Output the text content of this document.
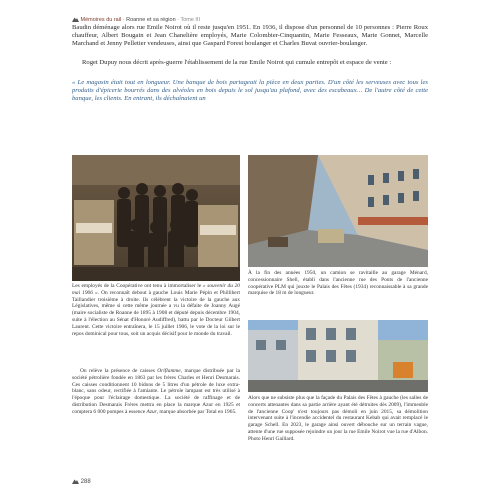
Mémoires du rail · Roanne et sa région · Tome III
Baudin déménage alors rue Emile Noirot où il reste jusqu'en 1951. En 1936, il dispose d'un personnel de 10 personnes : Pierre Roux chauffeur, Albert Bougain et Jean Chanelière employés, Marie Colombier-Cinquantin, Marie Fesseaux, Marie Gonnet, Marcelle Marchand et Jenny Pelletier vendeuses, ainsi que Gaspard Forest boulanger et Charles Buvat ouvrier-boulanger.
Roget Dupuy nous décrit après-guerre l'établissement de la rue Emile Noirot qui cumule entrepôt et espace de vente :
« Le magasin était tout en longueur. Une banque de bois partageait la pièce en deux parties. D'un côté les serveuses avec tous les produits d'épicerie bourrés dans des alvéoles en bois depuis le sol jusqu'au plafond, avec des escabeaux… De l'autre côté de cette banque, les clients. En entrant, ils déchaînaient un
Les employés de la Coopérative ont tenu à immortaliser le « souvenir du 20 mai 1906 ». On reconnaît debout à gauche Louis Marie Pépin et Phillibert Taillandier troisième à droite. Ils célèbrent la victoire de la gauche aux Législatives, même si cette même journée a vu la défaite de Joanny Augé (maire socialiste de Roanne de 1895 à 1908 et député depuis décembre 1904, suite à l'élection au Sénat d'Honoré Audiffred), battu par le Docteur Gilbert Laurent. Cette victoire entraînera, le 15 juillet 1906, le vote de la loi sur le repos dominical pour tous, soit un acquis décisif pour le monde du travail.
On relève la présence de caisses Oriflamme, marque distribuée par la société pétrolière fondée en 1863 par les frères Charles et Henri Desmarais. Ces caisses conditionnent 10 bidons de 5 litres d'un pétrole de luxe extra-blanc, sans odeur, rectifiée à l'amiante. Le pétrole lampant est très utilisé à l'époque pour l'éclairage domestique. La société de raffinage et de distribution Desmarais Frères mettra en place la marque Azur en 1925 et comptera 6 000 pompes à essence Azur, marque absorbée par Total en 1965.
À la fin des années 1950, un camion se ravitaille au garage Ménard, concessionnaire Shell, établi dans l'ancienne rue des Ponts de l'ancienne coopérative PLM qui jouxte le Palais des Fêtes (1934) reconnaissable à sa grande marquise de 18 m de longueur.
Alors que ne subsiste plus que la façade du Palais des Fêtes à gauche (les salles de concerts attenantes dans sa partie arrière ayant été détruites dès 2009), l'immeuble de l'ancienne Coop' n'est toujours pas démoli en juin 2015, sa démolition intervenant suite à l'incendie accidentel du restaurant Kebab qui avait remplacé le garage Schell. En 2023, le garage ainsi ouvert débouche sur un terrain vague, attente d'une rue supposée rejoindre un jour la rue Emile Noirot vue la rue d'Albon. Photo Henri Gaillard.
288
